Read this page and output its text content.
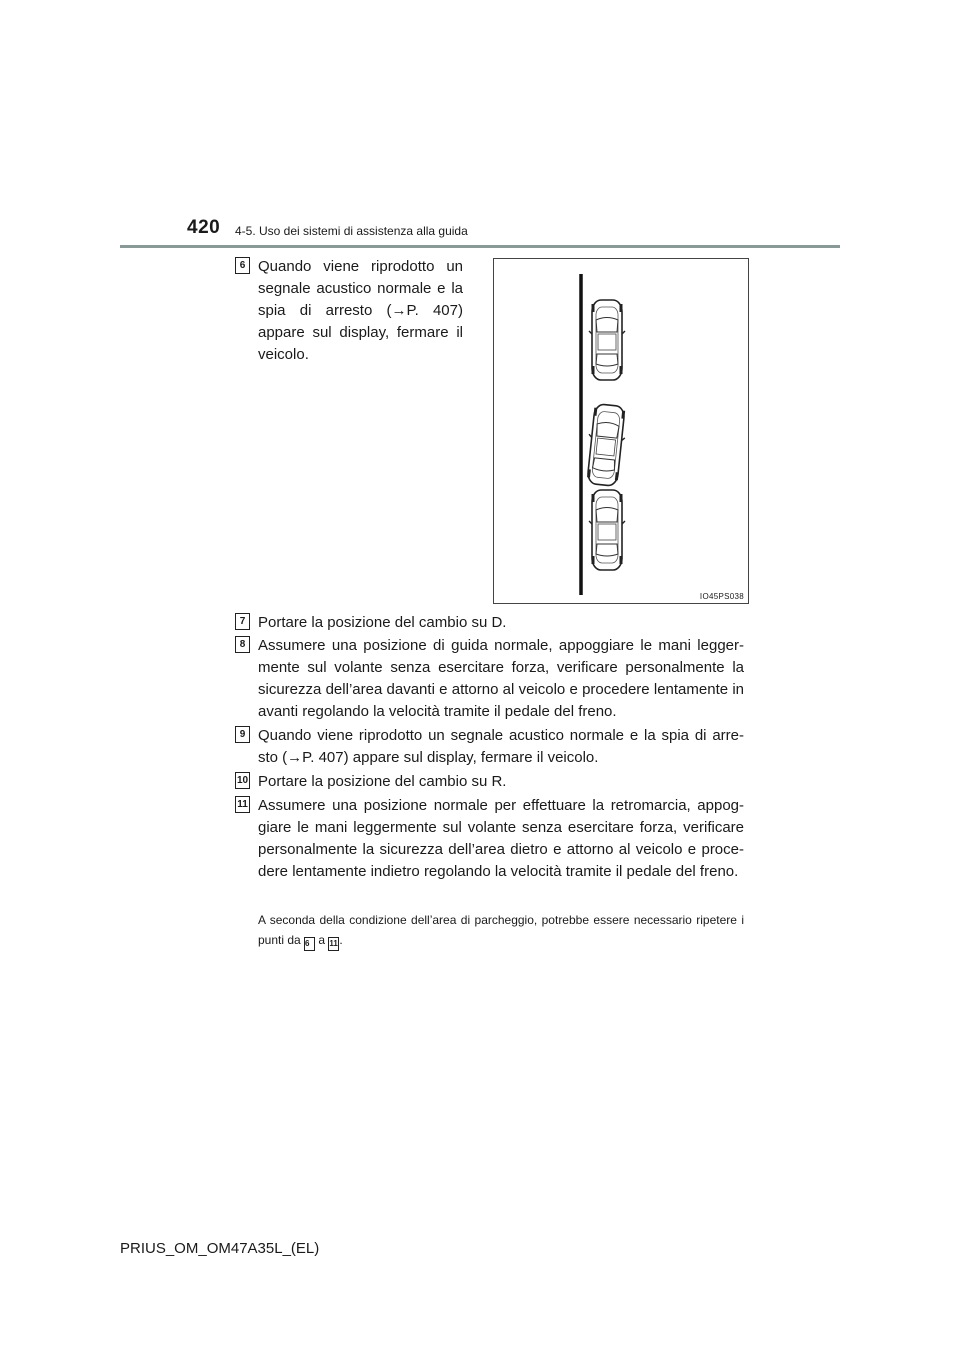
420 4-5. Uso dei sistemi di assistenza alla guida
6 Quando viene riprodotto un segnale acustico normale e la spia di arresto (→P. 407) appare sul display, fermare il veicolo.
IO45PS038
7 Portare la posizione del cambio su D.
8 Assumere una posizione di guida normale, appoggiare le mani legger-mente sul volante senza esercitare forza, verificare personalmente la sicurezza dell’area davanti e attorno al veicolo e procedere lentamente in avanti regolando la velocità tramite il pedale del freno.
9 Quando viene riprodotto un segnale acustico normale e la spia di arre-sto (→P. 407) appare sul display, fermare il veicolo.
10 Portare la posizione del cambio su R.
11 Assumere una posizione normale per effettuare la retromarcia, appog-giare le mani leggermente sul volante senza esercitare forza, verificare personalmente la sicurezza dell’area dietro e attorno al veicolo e proce-dere lentamente indietro regolando la velocità tramite il pedale del freno.
A seconda della condizione dell’area di parcheggio, potrebbe essere necessario ripetere i punti da 6 a 11 .
PRIUS_OM_OM47A35L_(EL)
